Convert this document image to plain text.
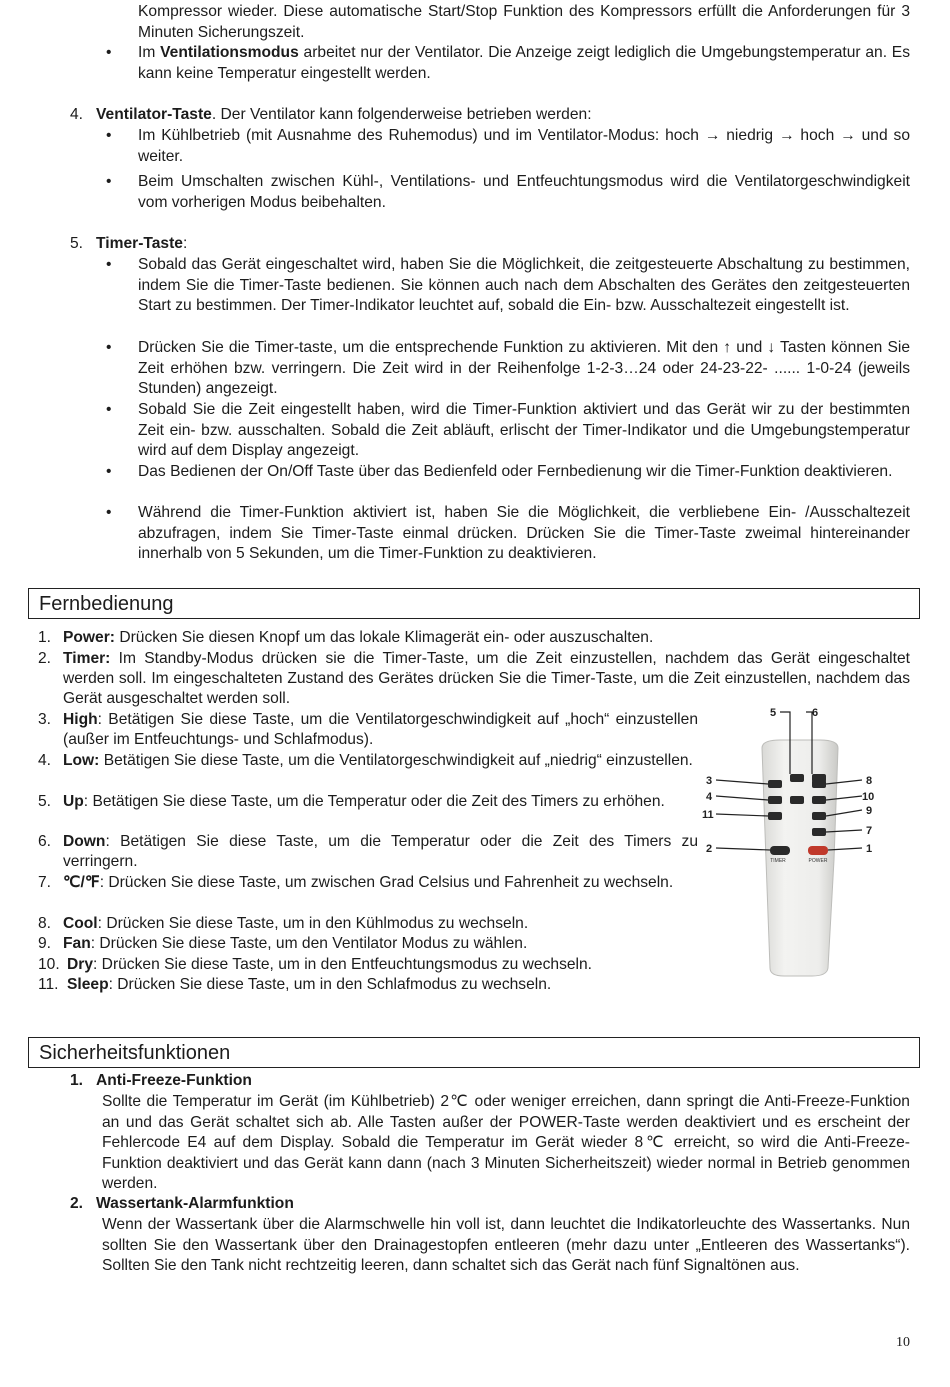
Kompressor wieder. Diese automatische Start/Stop Funktion des Kompressors erfüllt die Anforderungen für 3 Minuten Sicherungszeit.
• Im Ventilationsmodus arbeitet nur der Ventilator. Die Anzeige zeigt lediglich die Umgebungstemperatur an. Es kann keine Temperatur eingestellt werden.
4. Ventilator-Taste. Der Ventilator kann folgenderweise betrieben werden:
• Im Kühlbetrieb (mit Ausnahme des Ruhemodus) und im Ventilator-Modus: hoch → niedrig → hoch → und so weiter.
• Beim Umschalten zwischen Kühl-, Ventilations- und Entfeuchtungsmodus wird die Ventilatorgeschwindigkeit vom vorherigen Modus beibehalten.
5. Timer-Taste:
• Sobald das Gerät eingeschaltet wird, haben Sie die Möglichkeit, die zeitgesteuerte Abschaltung zu bestimmen, indem Sie die Timer-Taste bedienen. Sie können auch nach dem Abschalten des Gerätes den zeitgesteuerten Start zu bestimmen. Der Timer-Indikator leuchtet auf, sobald die Ein- bzw. Ausschaltezeit eingestellt ist.
• Drücken Sie die Timer-taste, um die entsprechende Funktion zu aktivieren. Mit den ↑ und ↓ Tasten können Sie Zeit erhöhen bzw. verringern. Die Zeit wird in der Reihenfolge 1-2-3…24 oder 24-23-22- ...... 1-0-24 (jeweils Stunden) angezeigt.
• Sobald Sie die Zeit eingestellt haben, wird die Timer-Funktion aktiviert und das Gerät wir zu der bestimmten Zeit ein- bzw. ausschalten. Sobald die Zeit abläuft, erlischt der Timer-Indikator und die Umgebungstemperatur wird auf dem Display angezeigt.
• Das Bedienen der On/Off Taste über das Bedienfeld oder Fernbedienung wir die Timer-Funktion deaktivieren.
• Während die Timer-Funktion aktiviert ist, haben Sie die Möglichkeit, die verbliebene Ein- /Ausschaltezeit abzufragen, indem Sie Timer-Taste einmal drücken. Drücken Sie die Timer-Taste zweimal hintereinander innerhalb von 5 Sekunden, um die Timer-Funktion zu deaktivieren.
Fernbedienung
1. Power: Drücken Sie diesen Knopf um das lokale Klimagerät ein- oder auszuschalten.
2. Timer: Im Standby-Modus drücken sie die Timer-Taste, um die Zeit einzustellen, nachdem das Gerät eingeschaltet werden soll. Im eingeschalteten Zustand des Gerätes drücken Sie die Timer-Taste, um die Zeit einzustellen, nachdem das Gerät ausgeschaltet werden soll.
3. High: Betätigen Sie diese Taste, um die Ventilatorgeschwindigkeit auf „hoch“ einzustellen (außer im Entfeuchtungs- und Schlafmodus).
4. Low: Betätigen Sie diese Taste, um die Ventilatorgeschwindigkeit auf „niedrig“ einzustellen.
5. Up: Betätigen Sie diese Taste, um die Temperatur oder die Zeit des Timers zu erhöhen.
6. Down: Betätigen Sie diese Taste, um die Temperatur oder die Zeit des Timers zu verringern.
7. ℃/℉: Drücken Sie diese Taste, um zwischen Grad Celsius und Fahrenheit zu wechseln.
8. Cool: Drücken Sie diese Taste, um in den Kühlmodus zu wechseln.
9. Fan: Drücken Sie diese Taste, um den Ventilator Modus zu wählen.
10. Dry: Drücken Sie diese Taste, um in den Entfeuchtungsmodus zu wechseln.
11. Sleep: Drücken Sie diese Taste, um in den Schlafmodus zu wechseln.
TIMER	POWER
5	6
3
4
11
2
8
10
9
7
1
Sicherheitsfunktionen
1. Anti-Freeze-Funktion
Sollte die Temperatur im Gerät (im Kühlbetrieb) 2℃ oder weniger erreichen, dann springt die Anti-Freeze-Funktion an und das Gerät schaltet sich ab. Alle Tasten außer der POWER-Taste werden deaktiviert und es erscheint der Fehlercode E4 auf dem Display. Sobald die Temperatur im Gerät wieder 8℃ erreicht, so wird die Anti-Freeze-Funktion deaktiviert und das Gerät kann dann (nach 3 Minuten Sicherheitszeit) wieder normal in Betrieb genommen werden.
2. Wassertank-Alarmfunktion
Wenn der Wassertank über die Alarmschwelle hin voll ist, dann leuchtet die Indikatorleuchte des Wassertanks. Nun sollten Sie den Wassertank über den Drainagestopfen entleeren (mehr dazu unter „Entleeren des Wassertanks“). Sollten Sie den Tank nicht rechtzeitig leeren, dann schaltet sich das Gerät nach fünf Signaltönen aus.
10
